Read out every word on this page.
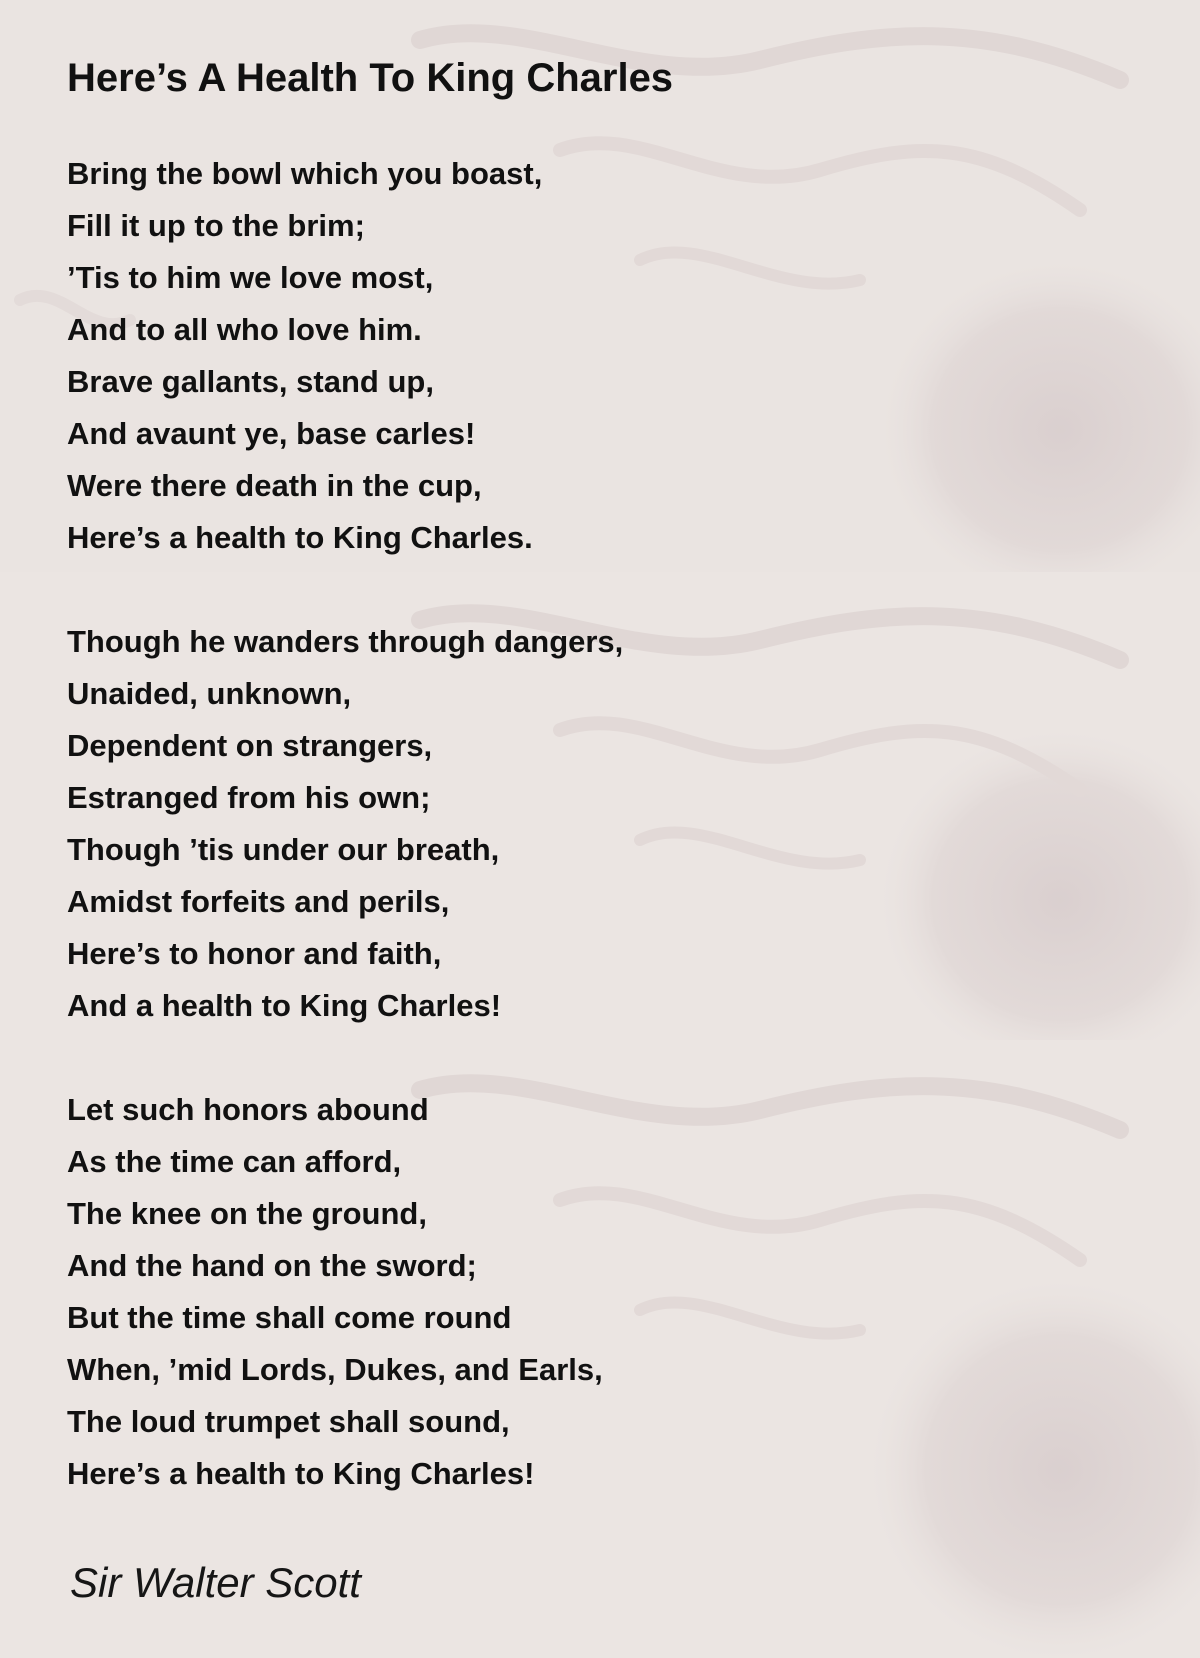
Here’s A Health To King Charles
Bring the bowl which you boast,
Fill it up to the brim;
’Tis to him we love most,
And to all who love him.
Brave gallants, stand up,
And avaunt ye, base carles!
Were there death in the cup,
Here’s a health to King Charles.
Though he wanders through dangers,
Unaided, unknown,
Dependent on strangers,
Estranged from his own;
Though ’tis under our breath,
Amidst forfeits and perils,
Here’s to honor and faith,
And a health to King Charles!
Let such honors abound
As the time can afford,
The knee on the ground,
And the hand on the sword;
But the time shall come round
When, ’mid Lords, Dukes, and Earls,
The loud trumpet shall sound,
Here’s a health to King Charles!

Sir Walter Scott
